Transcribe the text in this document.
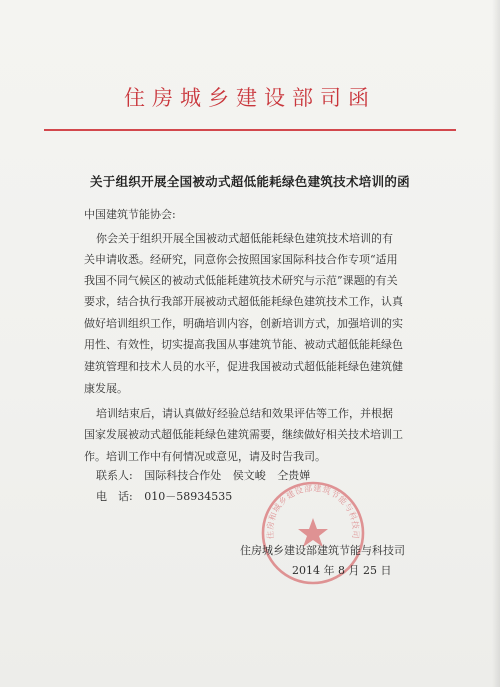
住房城乡建设部司函
关于组织开展全国被动式超低能耗绿色建筑技术培训的函
中国建筑节能协会:
你会关于组织开展全国被动式超低能耗绿色建筑技术培训的有
关申请收悉。经研究，同意你会按照国家国际科技合作专项“适用
我国不同气候区的被动式低能耗建筑技术研究与示范”课题的有关
要求，结合执行我部开展被动式超低能耗绿色建筑技术工作，认真
做好培训组织工作，明确培训内容，创新培训方式，加强培训的实
用性、有效性，切实提高我国从事建筑节能、被动式超低能耗绿色
建筑管理和技术人员的水平，促进我国被动式超低能耗绿色建筑健
康发展。
培训结束后，请认真做好经验总结和效果评估等工作，并根据
国家发展被动式超低能耗绿色建筑需要，继续做好相关技术培训工
作。培训工作中有何情况或意见，请及时告我司。
联系人: 国际科技合作处 侯文峻 仝贵婵
电　话: 010－58934535
住房和城乡建设部建筑节能与科技司
住房城乡建设部建筑节能与科技司
2014 年 8 月 25 日
